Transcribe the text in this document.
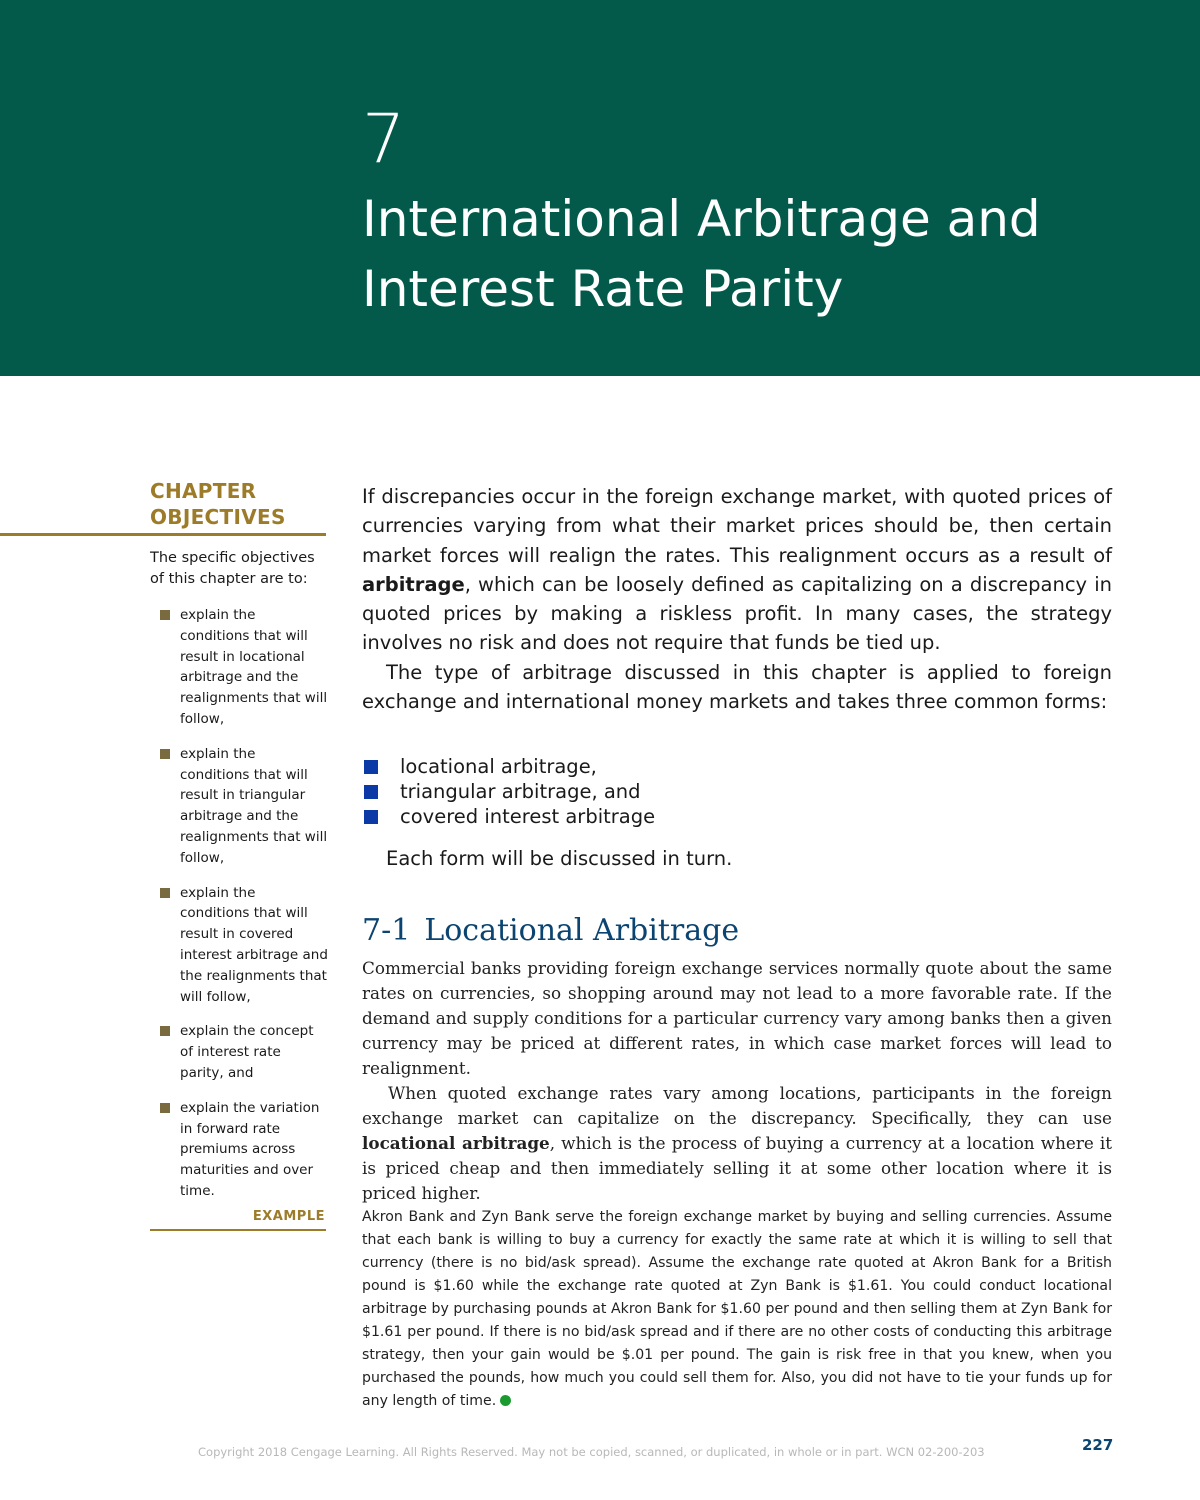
7
International Arbitrage and
Interest Rate Parity
CHAPTER
OBJECTIVES
The specific objectives of this chapter are to:
explain the conditions that will result in locational arbitrage and the realignments that will follow,
explain the conditions that will result in triangular arbitrage and the realignments that will follow,
explain the conditions that will result in covered interest arbitrage and the realignments that will follow,
explain the concept of interest rate parity, and
explain the variation in forward rate premiums across maturities and over time.
EXAMPLE

If discrepancies occur in the foreign exchange market, with quoted prices of currencies varying from what their market prices should be, then certain market forces will realign the rates. This realignment occurs as a result of arbitrage, which can be loosely defined as capitalizing on a discrepancy in quoted prices by making a riskless profit. In many cases, the strategy involves no risk and does not require that funds be tied up.

The type of arbitrage discussed in this chapter is applied to foreign exchange and international money markets and takes three common forms:

locational arbitrage,
triangular arbitrage, and
covered interest arbitrage
Each form will be discussed in turn.
7-1 Locational Arbitrage

Commercial banks providing foreign exchange services normally quote about the same rates on currencies, so shopping around may not lead to a more favorable rate. If the demand and supply conditions for a particular currency vary among banks then a given currency may be priced at different rates, in which case market forces will lead to realignment.

When quoted exchange rates vary among locations, participants in the foreign exchange market can capitalize on the discrepancy. Specifically, they can use locational arbitrage, which is the process of buying a currency at a location where it is priced cheap and then immediately selling it at some other location where it is priced higher.

Akron Bank and Zyn Bank serve the foreign exchange market by buying and selling currencies. Assume that each bank is willing to buy a currency for exactly the same rate at which it is willing to sell that currency (there is no bid/ask spread). Assume the exchange rate quoted at Akron Bank for a British pound is $1.60 while the exchange rate quoted at Zyn Bank is $1.61. You could conduct locational arbitrage by purchasing pounds at Akron Bank for $1.60 per pound and then selling them at Zyn Bank for $1.61 per pound. If there is no bid/ask spread and if there are no other costs of conducting this arbitrage strategy, then your gain would be $.01 per pound. The gain is risk free in that you knew, when you purchased the pounds, how much you could sell them for. Also, you did not have to tie your funds up for any length of time.

Copyright 2018 Cengage Learning. All Rights Reserved. May not be copied, scanned, or duplicated, in whole or in part. WCN 02-200-203	227
